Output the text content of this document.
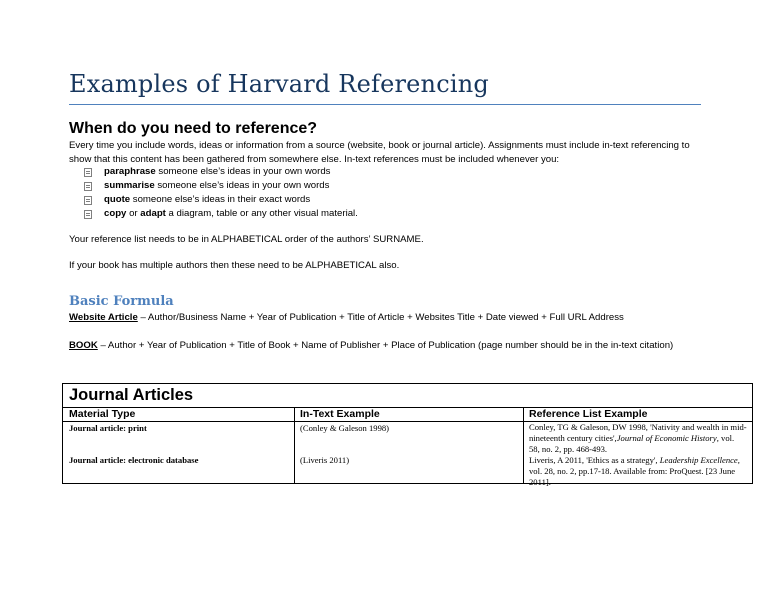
Examples of Harvard Referencing
When do you need to reference?

Every time you include words, ideas or information from a source (website, book or journal article). Assignments must include in-text referencing to show that this content has been gathered from somewhere else. In-text references must be included whenever you:

paraphrase someone else’s ideas in your own words
summarise someone else’s ideas in your own words
quote someone else’s ideas in their exact words
copy or adapt a diagram, table or any other visual material.

Your reference list needs to be in ALPHABETICAL order of the authors’ SURNAME.

If your book has multiple authors then these need to be ALPHABETICAL also.

Basic Formula

Website Article – Author/Business Name + Year of Publication + Title of Article + Websites Title + Date viewed + Full URL Address

BOOK – Author + Year of Publication + Title of Book + Name of Publisher + Place of Publication (page number should be in the in-text citation)

Journal Articles
Material Type	In-Text Example	Reference List Example
Journal article: print	(Conley & Galeson 1998)	Conley, TG & Galeson, DW 1998, 'Nativity and wealth in mid-nineteenth century cities',Journal of Economic History, vol. 58, no. 2, pp. 468-493.
Journal article: electronic database	(Liveris 2011)	Liveris, A 2011, 'Ethics as a strategy', Leadership Excellence, vol. 28, no. 2, pp.17-18. Available from: ProQuest. [23 June 2011].
